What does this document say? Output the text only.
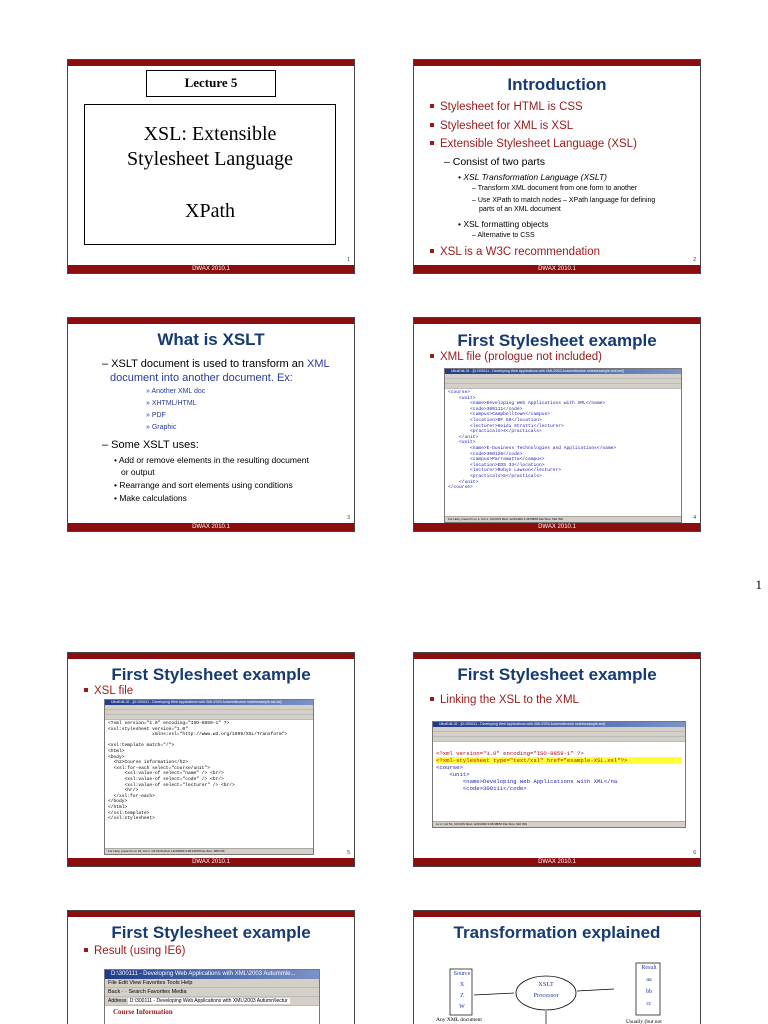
Lecture 5
XSL: Extensible
Stylesheet Language
XPath
1
DWAX 2010.1
Introduction
Stylesheet for HTML is CSS
Stylesheet for XML is XSL
Extensible Stylesheet Language (XSL)
– Consist of two parts
• XSL Transformation Language (XSLT)
– Transform XML document from one form to another
– Use XPath to match nodes – XPath language for defining
parts of an XML document
• XSL formatting objects
– Alternative to CSS
XSL is a W3C recommendation
2
DWAX 2010.1
What is XSLT
– XSLT document is used to transform an XML
document into another document. Ex:
» Another XML doc
» XHTML/HTML
» PDF
» Graphic
– Some XSLT uses:
• Add or remove elements in the resulting document
or output
• Rearrange and sort elements using conditions
• Make calculations
3
DWAX 2010.1
First Stylesheet example
XML file (prologue not included)
UltraEdit-32 - [D:\300111 - Developing Web Applications with XML\2003 Autumn\lecture notes\example-xml.xml]
<course>
<unit>
<name>Developing Web Applications with XML</name>
<code>300111</code>
<campus>Campbelltown</campus>
<location>BF G6</location>
<lecturer>Heidi Stratti</lecturer>
<practicals>4</practicals>
</unit>
<unit>
<name>E-business Technologies and Applications</name>
<code>300126</code>
<campus>Parramatta</campus>
<location>EDS 33</location>
<lecturer>Robyn Lawson</lecturer>
<practicals>5</practicals>
</unit>
</course>
For Help, press F1 Ln 1, Col 1, C0 DOS Mod: 12/4/2003 1:36:59PM File Size: 592 INS	4
DWAX 2010.1
First Stylesheet example
XSL file
UltraEdit-32 - [D:\300111 - Developing Web Applications with XML\2003 Autumn\lecture notes\example-xsl.xsl]
<?xml version="1.0" encoding="ISO-8859-1" ?>
<xsl:stylesheet version="1.0"
xmlns:xsl="http://www.w3.org/1999/XSL/Transform">

<xsl:template match="/">
<html>
<body>
<h2>Course information</h2>
<xsl:for-each select="course/unit">
<xsl:value-of select="name" /> <br/>
<xsl:value-of select="code" /> <br/>
<xsl:value-of select="lecturer" /> <br/>
<hr/>
</xsl:for-each>
</body>
</html>
</xsl:template>
</xsl:stylesheet>
For Help, press F1 Ln 22, Col 1, C0 DOS Mod: 12/4/2003 3:00:12PM File Size: 585 INS	5
DWAX 2010.1
First Stylesheet example
Linking the XSL to the XML
UltraEdit-32 - [D:\300111 - Developing Web Applications with XML\2003 Autumn\lecture notes\example.xml]

<?xml version="1.0" encoding="ISO-8859-1" ?>
<?xml-stylesheet type="text/xsl" href="example-XSL.xsl"?>
<course>
<unit>
<name>Developing Web Applications with XML</na
<code>300111</code>

Ln 2, Col 51, C0 DOS Mod: 12/4/2003 3:08:38PM File Size: 622 INS
6
DWAX 2010.1
First Stylesheet example
Result (using IE6)
D:\300111 - Developing Web Applications with XML\2003 Autumn\le...
File Edit View Favorites Tools Help
Back · · Search Favorites Media
Address D:\300111 - Developing Web Applications with XML\2003 Autumn\lectur
Course Information
Transformation explained
Source
X
Z
W
XSLT
Processor
Result
aa
bb
cc
Any XML document	Usually (but not
1
